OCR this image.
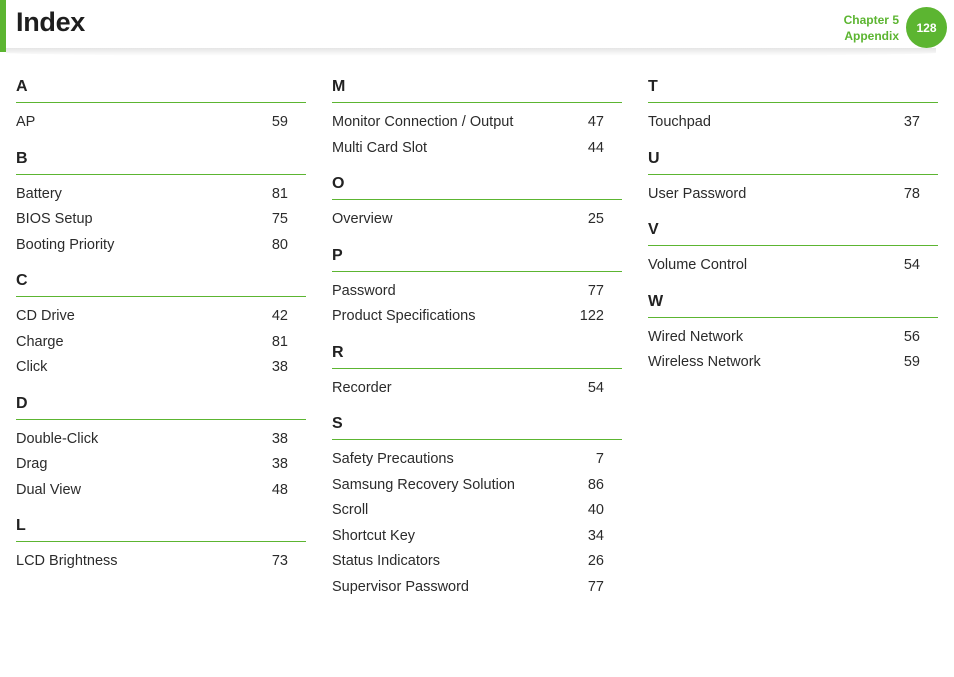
Index	Chapter 5
Appendix
128
A
AP	59
B
Battery	81
BIOS Setup	75
Booting Priority	80
C
CD Drive	42
Charge	81
Click	38
D
Double-Click	38
Drag	38
Dual View	48
L
LCD Brightness	73
M
Monitor Connection / Output	47
Multi Card Slot	44
O
Overview	25
P
Password	77
Product Specifications	122
R
Recorder	54
S
Safety Precautions	7
Samsung Recovery Solution	86
Scroll	40
Shortcut Key	34
Status Indicators	26
Supervisor Password	77
T
Touchpad	37
U
User Password	78
V
Volume Control	54
W
Wired Network	56
Wireless Network	59
